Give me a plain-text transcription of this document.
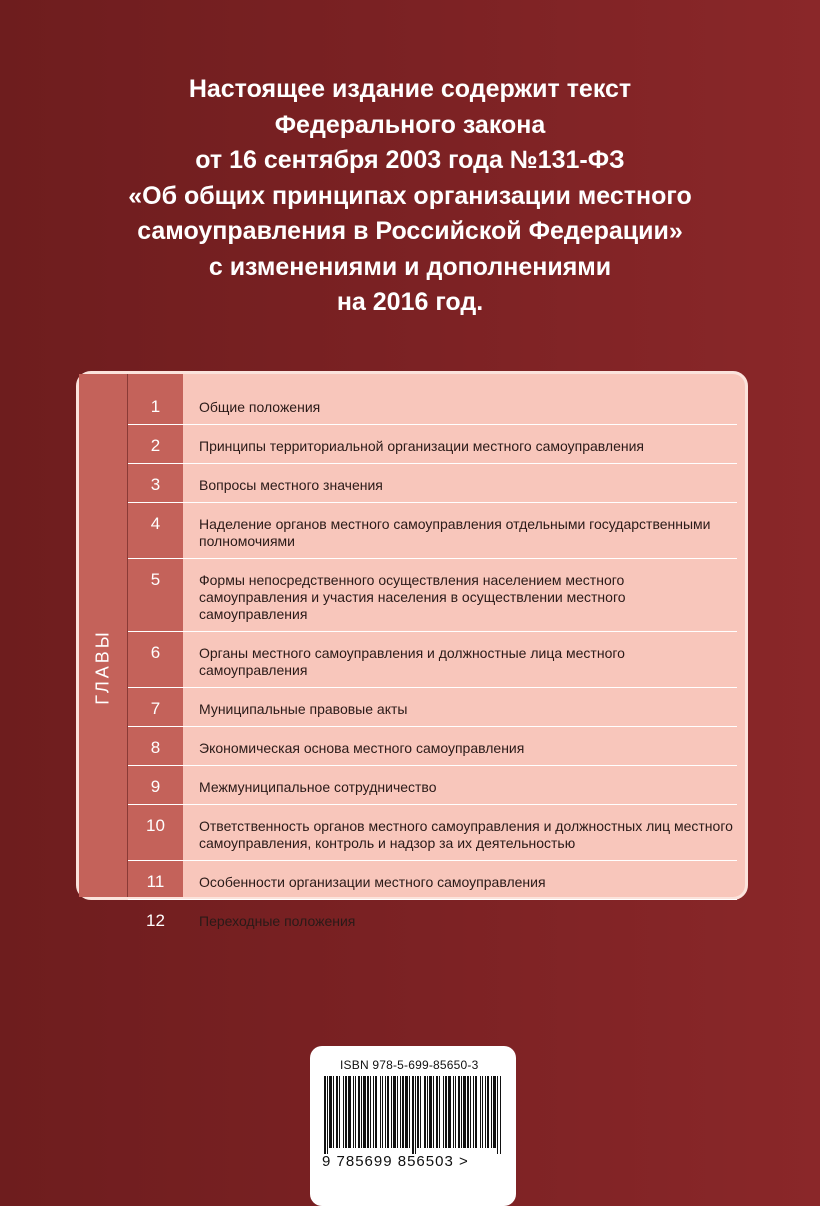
Настоящее издание содержит текст
Федерального закона
от 16 сентября 2003 года №131-ФЗ
«Об общих принципах организации местного
самоуправления в Российской Федерации»
с изменениями и дополнениями
на 2016 год.
ГЛАВЫ
1	Общие положения
2	Принципы территориальной организации местного самоуправления
3	Вопросы местного значения
4	Наделение органов местного самоуправления отдельными государственными полномочиями
5	Формы непосредственного осуществления населением местного самоуправления и участия населения в осуществлении местного самоуправления
6	Органы местного самоуправления и должностные лица местного самоуправления
7	Муниципальные правовые акты
8	Экономическая основа местного самоуправления
9	Межмуниципальное сотрудничество
10	Ответственность органов местного самоуправления и должностных лиц местного самоуправления, контроль и надзор за их деятельностью
11	Особенности организации местного самоуправления
12	Переходные положения
ISBN 978-5-699-85650-3
9 785699 856503 >
